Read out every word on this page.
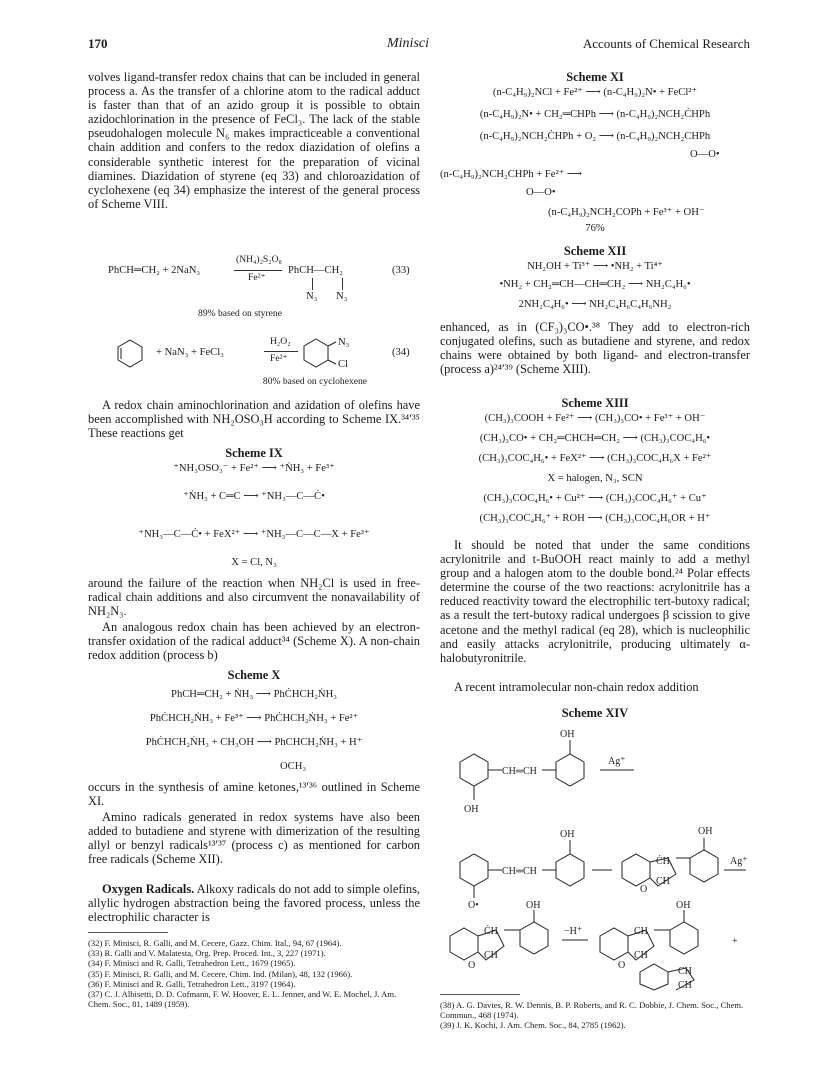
170	Minisci	Accounts of Chemical Research

volves ligand-transfer redox chains that can be included in general process a. As the transfer of a chlorine atom to the radical adduct is faster than that of an azido group it is possible to obtain azidochlorination in the presence of FeCl₃. The lack of the stable pseudohalogen molecule N₆ makes impracticeable a conventional chain addition and confers to the redox diazidation of olefins a considerable synthetic interest for the preparation of vicinal diamines. Diazidation of styrene (eq 33) and chloroazidation of cyclohexene (eq 34) emphasize the interest of the general process of Scheme VIII.

PhCH═CH₂ + 2NaN₃
(NH₄)₂S₂O₈
Fe²⁺
PhCH—CH₂
N₃ N₃
(33)
89% based on styrene
+ NaN₃ + FeCl₃
H₂O₂
Fe²⁺
N₃
Cl
(34)
80% based on cyclohexene

A redox chain aminochlorination and azidation of olefins have been accomplished with NH₂OSO₃H according to Scheme IX.³⁴ʹ³⁵ These reactions get

Scheme IX
⁺NH₃OSO₃⁻ + Fe²⁺ ⟶ ⁺ṄH₃ + Fe³⁺
⁺ṄH₃ + C═C ⟶ ⁺NH₃—C—Ċ•
⁺NH₃—C—Ċ• + FeX²⁺ ⟶ ⁺NH₃—C—C—X + Fe³⁺
X = Cl, N₃

around the failure of the reaction when NH₂Cl is used in free-radical chain additions and also circumvent the nonavailability of NH₂N₃.

An analogous redox chain has been achieved by an electron-transfer oxidation of the radical adduct³⁴ (Scheme X). A non-chain redox addition (process b)

Scheme X
PhCH═CH₂ + ṄH₃ ⟶ PhĊHCH₂ṄH₃
PhĊHCH₂ṄH₃ + Fe³⁺ ⟶ PhĊHCH₂ṄH₃ + Fe²⁺
PhĊHCH₂ṄH₃ + CH₃OH ⟶ PhCHCH₂ṄH₃ + H⁺
OCH₃

occurs in the synthesis of amine ketones,¹³ʹ³⁶ outlined in Scheme XI.

Amino radicals generated in redox systems have also been added to butadiene and styrene with dimerization of the resulting allyl or benzyl radicals¹³ʹ³⁷ (process c) as mentioned for carbon free radicals (Scheme XII).

Oxygen Radicals. Alkoxy radicals do not add to simple olefins, allylic hydrogen abstraction being the favored process, unless the electrophilic character is

(32) F. Minisci, R. Galli, and M. Cecere, Gazz. Chim. Ital., 94, 67 (1964).
(33) R. Galli and V. Malatesta, Org. Prep. Proced. Int., 3, 227 (1971).
(34) F. Minisci and R. Galli, Tetrahedron Lett., 1679 (1965).
(35) F. Minisci, R. Galli, and M. Cecere, Chim. Ind. (Milan), 48, 132 (1966).
(36) F. Minisci and R. Galli, Tetrahedron Lett., 3197 (1964).
(37) C. J. Albisetti, D. D. Cofmann, F. W. Hoover, E. L. Jenner, and W. E. Mochel, J. Am. Chem. Soc., 81, 1489 (1959).
Scheme XI
(n-C₄H₉)₂NCl + Fe²⁺ ⟶ (n-C₄H₉)₂N• + FeCl²⁺
(n-C₄H₉)₂N• + CH₂═CHPh ⟶ (n-C₄H₉)₂NCH₂ĊHPh
(n-C₄H₉)₂NCH₂ĊHPh + O₂ ⟶ (n-C₄H₉)₂NCH₂CHPh
O—O•
(n-C₄H₉)₂NCH₂CHPh + Fe²⁺ ⟶
O—O•
(n-C₄H₉)₂NCH₂COPh + Fe³⁺ + OH⁻
76%
Scheme XII
NH₂OH + Ti³⁺ ⟶ •NH₂ + Ti⁴⁺
•NH₂ + CH₂═CH—CH═CH₂ ⟶ NH₂C₄H₆•
2NH₂C₄H₆• ⟶ NH₂C₄H₆C₄H₆NH₂

enhanced, as in (CF₃)₃CO•.³⁸ They add to electron-rich conjugated olefins, such as butadiene and styrene, and redox chains were obtained by both ligand- and electron-transfer (process a)²⁴ʹ³⁹ (Scheme XIII).

Scheme XIII
(CH₃)₃COOH + Fe²⁺ ⟶ (CH₃)₃CO• + Fe³⁺ + OH⁻
(CH₃)₃CO• + CH₂═CHCH═CH₂ ⟶ (CH₃)₃COC₄H₆•
(CH₃)₃COC₄H₆• + FeX²⁺ ⟶ (CH₃)₃COC₄H₆X + Fe²⁺
X = halogen, N₃, SCN
(CH₃)₃COC₄H₆• + Cu²⁺ ⟶ (CH₃)₃COC₄H₆⁺ + Cu⁺
(CH₃)₃COC₄H₆⁺ + ROH ⟶ (CH₃)₃COC₄H₆OR + H⁺

It should be noted that under the same conditions acrylonitrile and t-BuOOH react mainly to add a methyl group and a halogen atom to the double bond.²⁴ Polar effects determine the course of the two reactions: acrylonitrile has a reduced reactivity toward the electrophilic tert-butoxy radical; as a result the tert-butoxy radical undergoes β scission to give acetone and the methyl radical (eq 28), which is nucleophilic and easily attacks acrylonitrile, producing ultimately α-halobutyronitrile.

A recent intramolecular non-chain redox addition

Scheme XIV
OH
CH═CH
OH
Ag⁺
OH
CH═CH
O•
ĊH
CH
O
OH
Ag⁺
ĊH
CH
O
OH
−H⁺	CH
CH
O
OH
+
CH
CH
(38) A. G. Davies, R. W. Dennis, B. P. Roberts, and R. C. Dobbie, J. Chem. Soc., Chem. Commun., 468 (1974).
(39) J. K. Kochi, J. Am. Chem. Soc., 84, 2785 (1962).
